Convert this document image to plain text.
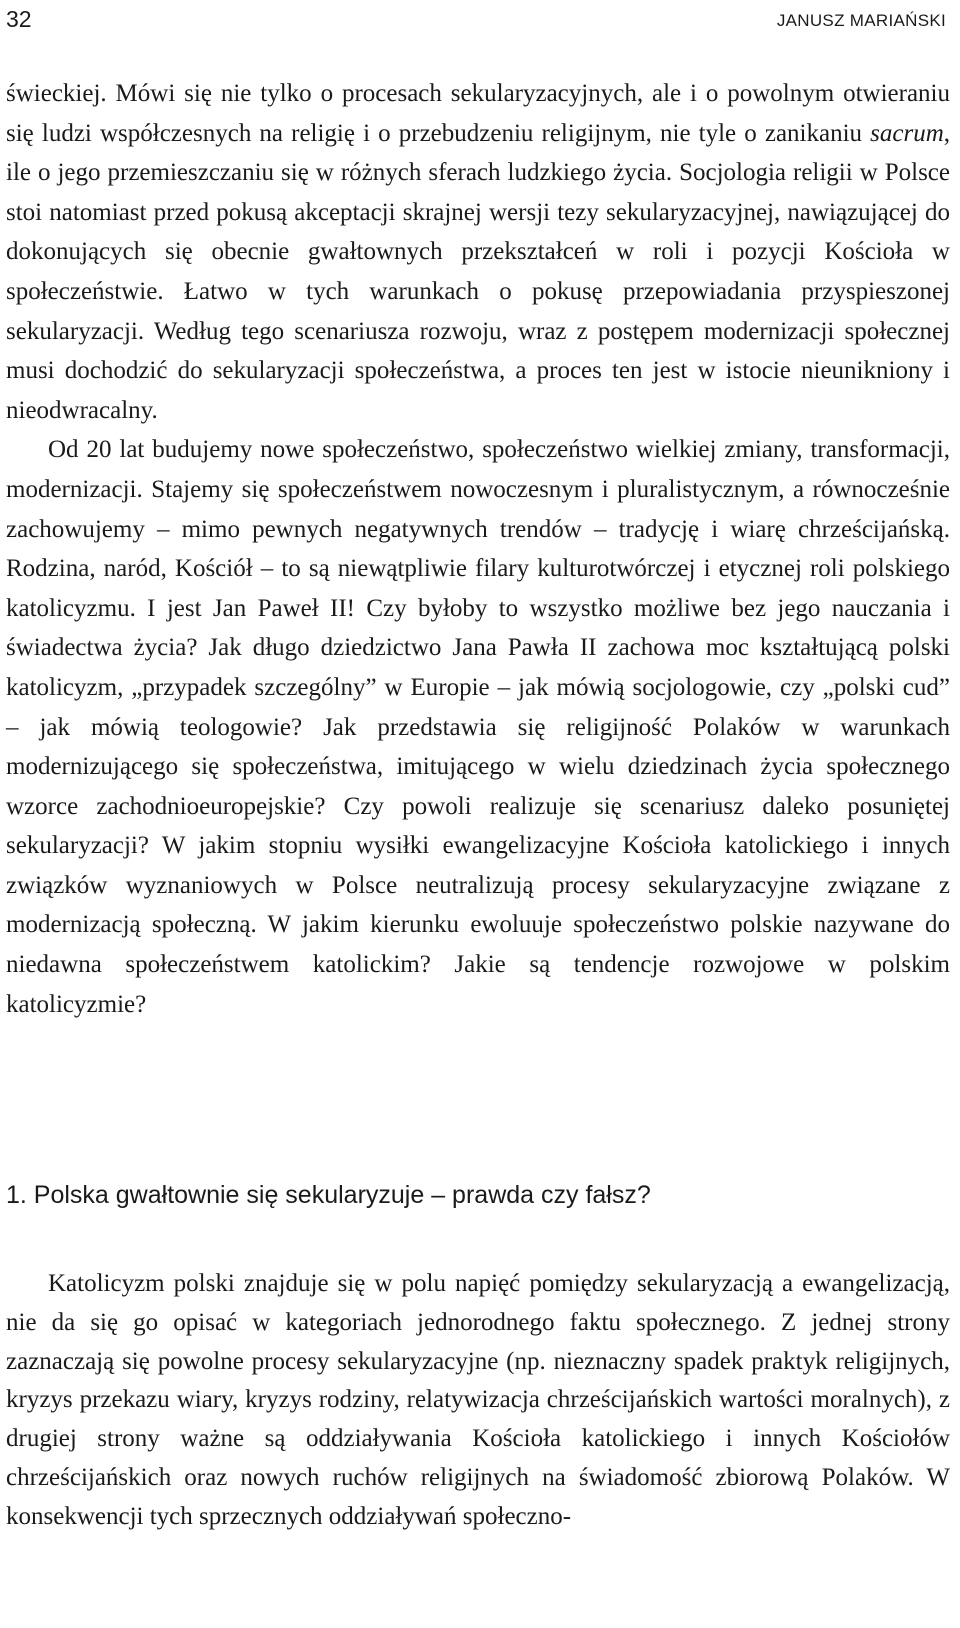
32	JANUSZ MARIAŃSKI

świeckiej. Mówi się nie tylko o procesach sekularyzacyjnych, ale i o powolnym otwieraniu się ludzi współczesnych na religię i o przebudzeniu religijnym, nie tyle o zanikaniu sacrum, ile o jego przemieszczaniu się w różnych sferach ludzkiego życia. Socjologia religii w Polsce stoi natomiast przed pokusą akceptacji skrajnej wersji tezy sekularyzacyjnej, nawiązującej do dokonujących się obecnie gwałtownych przekształceń w roli i pozycji Kościoła w społeczeństwie. Łatwo w tych warunkach o pokusę przepowiadania przyspieszonej sekularyzacji. Według tego scenariusza rozwoju, wraz z postępem modernizacji społecznej musi dochodzić do sekularyzacji społeczeństwa, a proces ten jest w istocie nieunikniony i nieodwracalny.

Od 20 lat budujemy nowe społeczeństwo, społeczeństwo wielkiej zmiany, transformacji, modernizacji. Stajemy się społeczeństwem nowoczesnym i pluralistycznym, a równocześnie zachowujemy – mimo pewnych negatywnych trendów – tradycję i wiarę chrześcijańską. Rodzina, naród, Kościół – to są niewątpliwie filary kulturotwórczej i etycznej roli polskiego katolicyzmu. I jest Jan Paweł II! Czy byłoby to wszystko możliwe bez jego nauczania i świadectwa życia? Jak długo dziedzictwo Jana Pawła II zachowa moc kształtującą polski katolicyzm, „przypadek szczególny” w Europie – jak mówią socjologowie, czy „polski cud” – jak mówią teologowie? Jak przedstawia się religijność Polaków w warunkach modernizującego się społeczeństwa, imitującego w wielu dziedzinach życia społecznego wzorce zachodnioeuropejskie? Czy powoli realizuje się scenariusz daleko posuniętej sekularyzacji? W jakim stopniu wysiłki ewangelizacyjne Kościoła katolickiego i innych związków wyznaniowych w Polsce neutralizują procesy sekularyzacyjne związane z modernizacją społeczną. W jakim kierunku ewoluuje społeczeństwo polskie nazywane do niedawna społeczeństwem katolickim? Jakie są tendencje rozwojowe w polskim katolicyzmie?

1. Polska gwałtownie się sekularyzuje – prawda czy fałsz?

Katolicyzm polski znajduje się w polu napięć pomiędzy sekularyzacją a ewangelizacją, nie da się go opisać w kategoriach jednorodnego faktu społecznego. Z jednej strony zaznaczają się powolne procesy sekularyzacyjne (np. nieznaczny spadek praktyk religijnych, kryzys przekazu wiary, kryzys rodziny, relatywizacja chrześcijańskich wartości moralnych), z drugiej strony ważne są oddziaływania Kościoła katolickiego i innych Kościołów chrześcijańskich oraz nowych ruchów religijnych na świadomość zbiorową Polaków. W konsekwencji tych sprzecznych oddziaływań społeczno-
